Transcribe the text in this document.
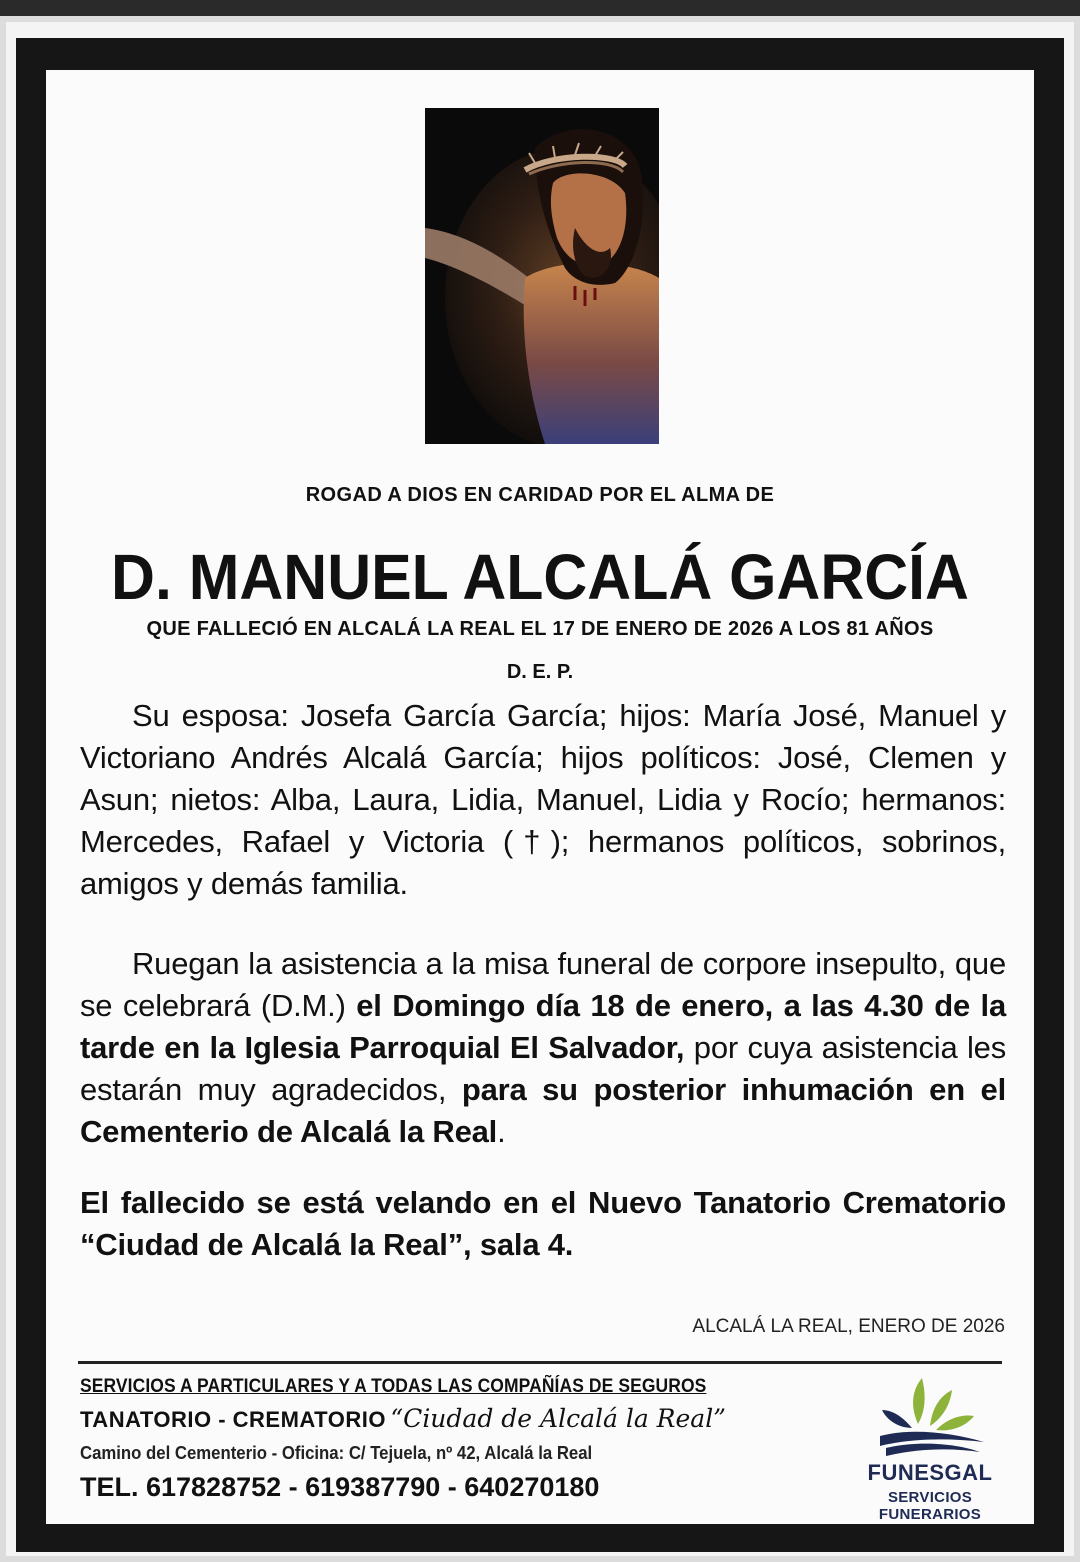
ROGAD A DIOS EN CARIDAD POR EL ALMA DE
D. MANUEL ALCALÁ GARCÍA
QUE FALLECIÓ EN ALCALÁ LA REAL EL 17 DE ENERO DE 2026 A LOS 81 AÑOS
D. E. P.
Su esposa: Josefa García García; hijos: María José, Manuel y Victoriano Andrés Alcalá García; hijos políticos: José, Clemen y Asun; nietos: Alba, Laura, Lidia, Manuel, Lidia y Rocío; hermanos: Mercedes, Rafael y Victoria (†); hermanos políticos, sobrinos, amigos y demás familia.
Ruegan la asistencia a la misa funeral de corpore insepulto, que se celebrará (D.M.) el Domingo día 18 de enero, a las 4.30 de la tarde en la Iglesia Parroquial El Salvador, por cuya asistencia les estarán muy agradecidos, para su posterior inhumación en el Cementerio de Alcalá la Real.
El fallecido se está velando en el Nuevo Tanatorio Crematorio “Ciudad de Alcalá la Real”, sala 4.
ALCALÁ LA REAL, ENERO DE 2026
SERVICIOS A PARTICULARES Y A TODAS LAS COMPAÑÍAS DE SEGUROS
TANATORIO - CREMATORIO “Ciudad de Alcalá la Real”
Camino del Cementerio - Oficina: C/ Tejuela, nº 42, Alcalá la Real
TEL. 617828752 - 619387790 - 640270180	FUNESGAL
SERVICIOS FUNERARIOS
